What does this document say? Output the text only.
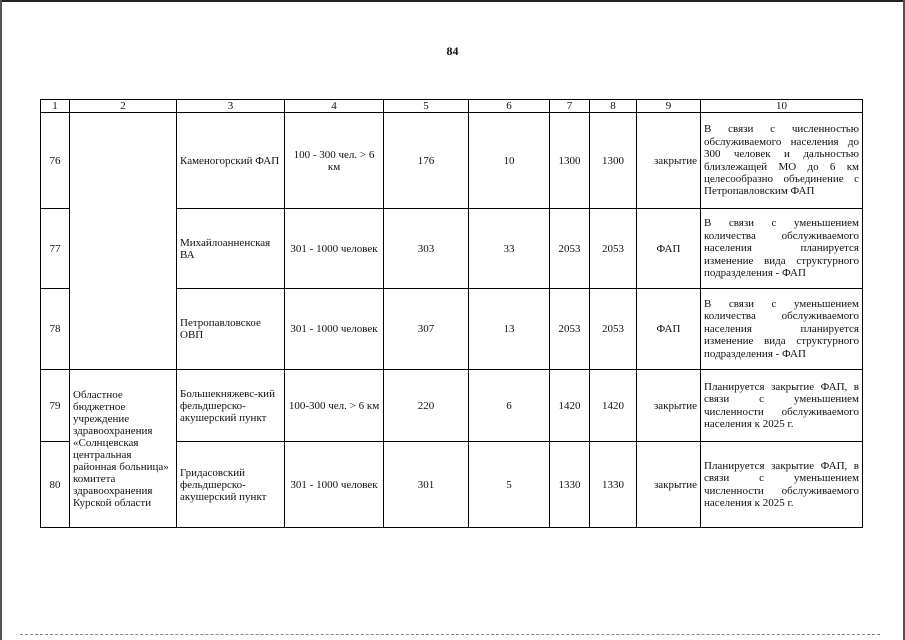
84
1	2	3	4	5	6	7	8	9	10
76		Каменогорский ФАП	100 - 300 чел. > 6 км	176	10	1300	1300	закрытие	В связи с численностью обслуживаемого населения до 300 человек и дальностью близлежащей МО до 6 км целесообразно объединение с Петропавловским ФАП
77		Михайлоанненская ВА	301 - 1000 человек	303	33	2053	2053	ФАП	В связи с уменьшением количества обслуживаемого населения планируется изменение вида структурного подразделения - ФАП
78		Петропавловское ОВП	301 - 1000 человек	307	13	2053	2053	ФАП	В связи с уменьшением количества обслуживаемого населения планируется изменение вида структурного подразделения - ФАП
79	Областное бюджетное учреждение здравоохранения «Солнцевская центральная районная больница» комитета здравоохранения Курской области	Большекняжевс-кий фельдшерско-акушерский пункт	100-300 чел. > 6 км	220	6	1420	1420	закрытие	Планируется закрытие ФАП, в связи с уменьшением численности обслуживаемого населения к 2025 г.
80		Гридасовский фельдшерско-акушерский пункт	301 - 1000 человек	301	5	1330	1330	закрытие	Планируется закрытие ФАП, в связи с уменьшением численности обслуживаемого населения к 2025 г.
